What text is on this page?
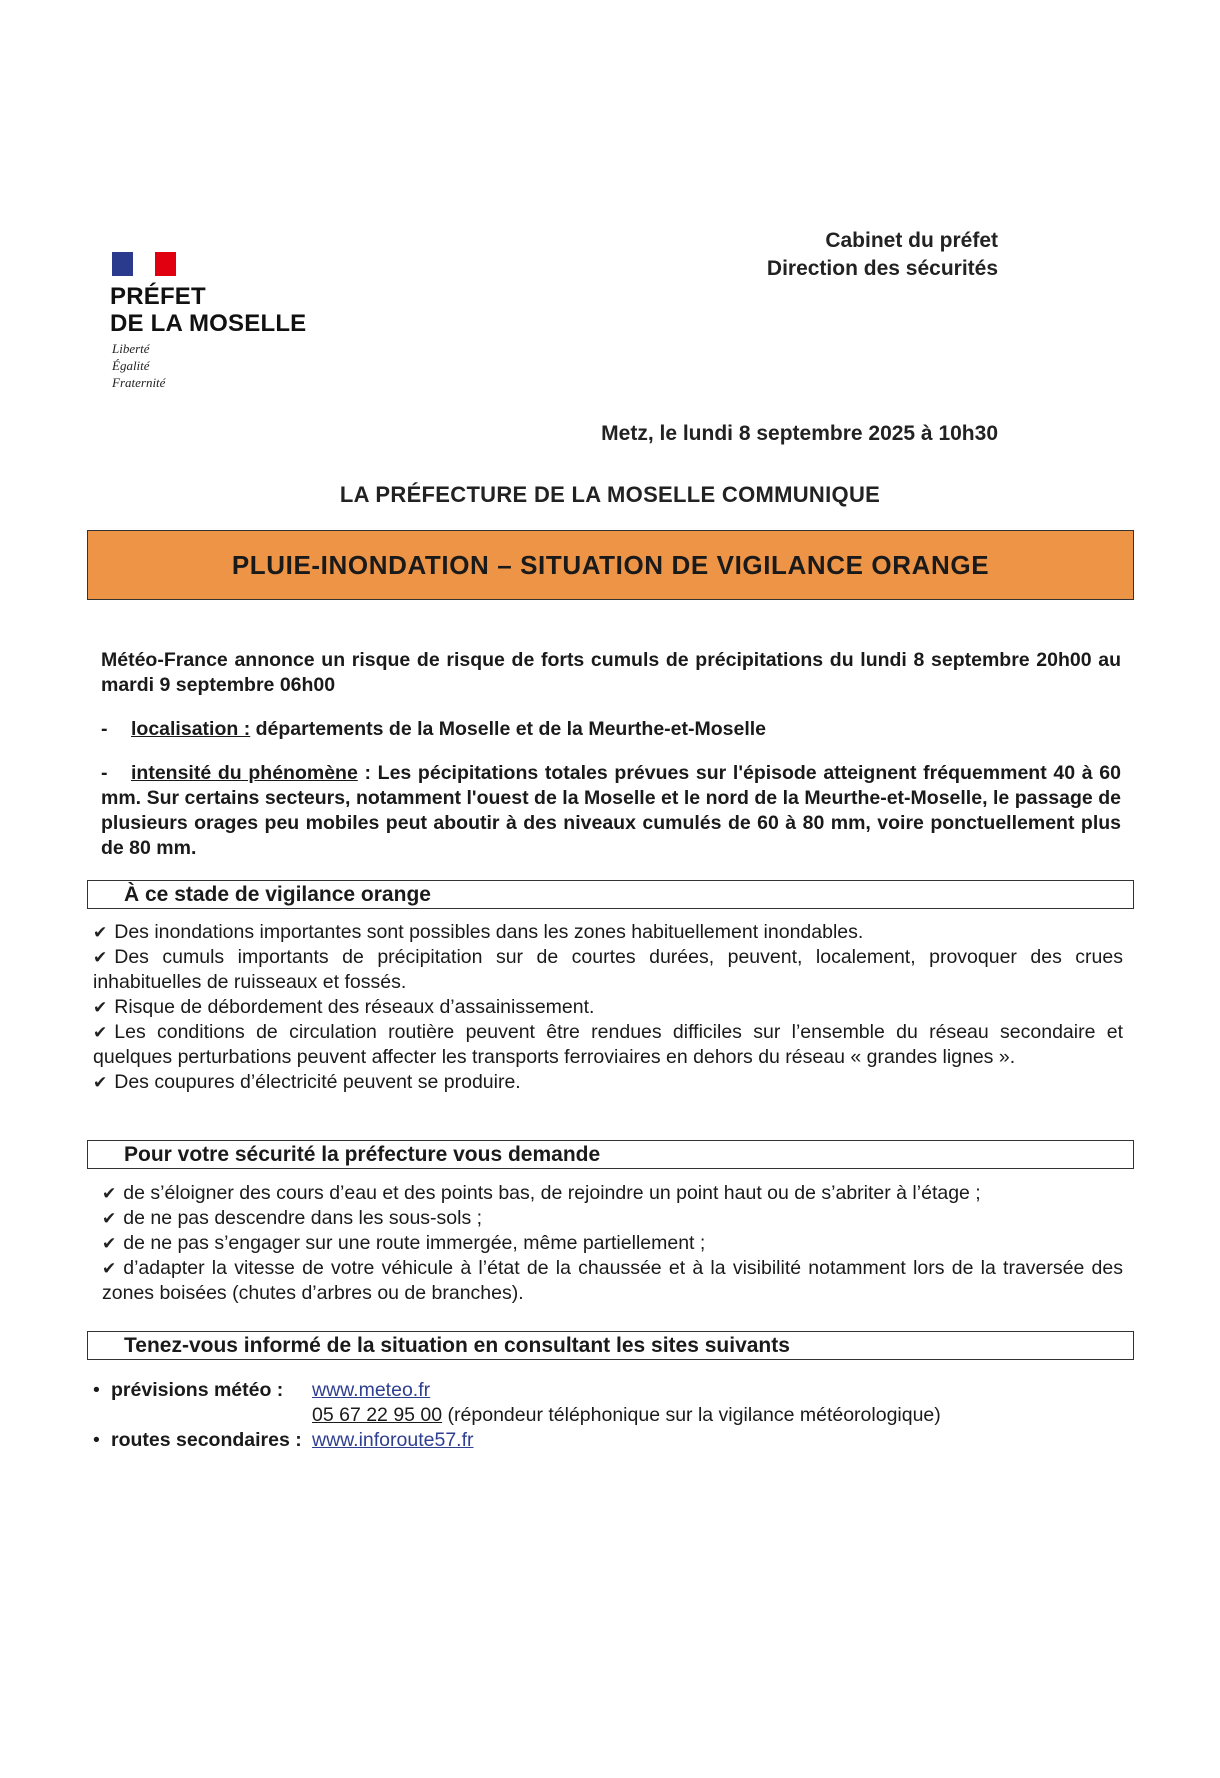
PRÉFET
DE LA MOSELLE
Liberté
Égalité
Fraternité
Cabinet du préfet
Direction des sécurités
Metz, le lundi 8 septembre 2025 à 10h30
LA PRÉFECTURE DE LA MOSELLE COMMUNIQUE
PLUIE-INONDATION – SITUATION DE VIGILANCE ORANGE

Météo-France annonce un risque de risque de forts cumuls de précipitations du lundi 8 septembre 20h00 au mardi 9 septembre 06h00

- localisation : départements de la Moselle et de la Meurthe-et-Moselle

- intensité du phénomène : Les pécipitations totales prévues sur l'épisode atteignent fréquemment 40 à 60 mm. Sur certains secteurs, notamment l'ouest de la Moselle et le nord de la Meurthe-et-Moselle, le passage de plusieurs orages peu mobiles peut aboutir à des niveaux cumulés de 60 à 80 mm, voire ponctuellement plus de 80 mm.

À ce stade de vigilance orange

✔ Des inondations importantes sont possibles dans les zones habituellement inondables.

✔ Des cumuls importants de précipitation sur de courtes durées, peuvent, localement, provoquer des crues inhabituelles de ruisseaux et fossés.

✔ Risque de débordement des réseaux d’assainissement.

✔ Les conditions de circulation routière peuvent être rendues difficiles sur l’ensemble du réseau secondaire et quelques perturbations peuvent affecter les transports ferroviaires en dehors du réseau « grandes lignes ».

✔ Des coupures d’électricité peuvent se produire.

Pour votre sécurité la préfecture vous demande

✔ de s’éloigner des cours d’eau et des points bas, de rejoindre un point haut ou de s’abriter à l’étage ;

✔ de ne pas descendre dans les sous-sols ;

✔ de ne pas s’engager sur une route immergée, même partiellement ;

✔ d’adapter la vitesse de votre véhicule à l’état de la chaussée et à la visibilité notamment lors de la traversée des zones boisées (chutes d’arbres ou de branches).

Tenez-vous informé de la situation en consultant les sites suivants
• prévisions météo : www.meteo.fr
05 67 22 95 00 (répondeur téléphonique sur la vigilance météorologique)
• routes secondaires : www.inforoute57.fr
